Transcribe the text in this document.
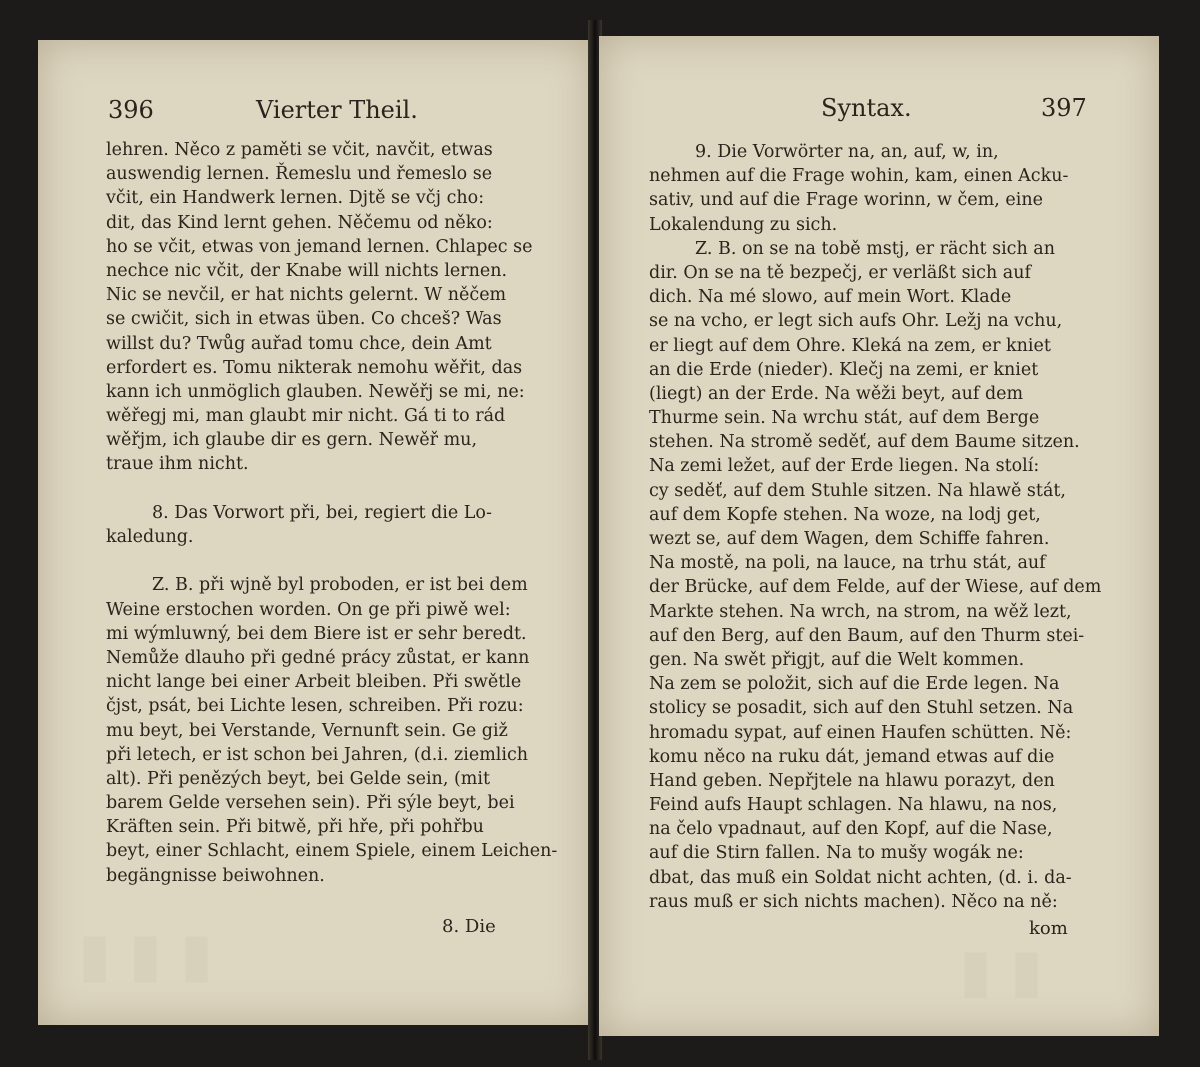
396	Vierter Theil.
lehren. Něco z paměti se včit, navčit, etwas
auswendig lernen. Řemeslu und řemeslo se
včit, ein Handwerk lernen. Djtě se včj cho:
dit, das Kind lernt gehen. Něčemu od něko:
ho se včit, etwas von jemand lernen. Chlapec se
nechce nic včit, der Knabe will nichts lernen.
Nic se nevčil, er hat nichts gelernt. W něčem
se cwičit, sich in etwas üben. Co chceš? Was
willst du? Twůg auřad tomu chce, dein Amt
erfordert es. Tomu nikterak nemohu wěřit, das
kann ich unmöglich glauben. Newěřj se mi, ne:
wěřegj mi, man glaubt mir nicht. Gá ti to rád
wěřjm, ich glaube dir es gern. Newěř mu,
traue ihm nicht.
8. Das Vorwort při, bei, regiert die Lo-
kaledung.
Z. B. při wjně byl proboden, er ist bei dem
Weine erstochen worden. On ge při piwě wel:
mi wýmluwný, bei dem Biere ist er sehr beredt.
Nemůže dlauho při gedné prácy zůstat, er kann
nicht lange bei einer Arbeit bleiben. Při swětle
čjst, psát, bei Lichte lesen, schreiben. Při rozu:
mu beyt, bei Verstande, Vernunft sein. Ge giž
při letech, er ist schon bei Jahren, (d.i. ziemlich
alt). Při penězých beyt, bei Gelde sein, (mit
barem Gelde versehen sein). Při sýle beyt, bei
Kräften sein. Při bitwě, při hře, při pohřbu
beyt, einer Schlacht, einem Spiele, einem Leichen-
begängnisse beiwohnen.
8. Die
▮▮▮
Syntax.	397
9. Die Vorwörter na, an, auf, w, in,
nehmen auf die Frage wohin, kam, einen Acku-
sativ, und auf die Frage worinn, w čem, eine
Lokalendung zu sich.
Z. B. on se na tobě mstj, er rächt sich an
dir. On se na tě bezpečj, er verläßt sich auf
dich. Na mé slowo, auf mein Wort. Klade
se na vcho, er legt sich aufs Ohr. Ležj na vchu,
er liegt auf dem Ohre. Kleká na zem, er kniet
an die Erde (nieder). Klečj na zemi, er kniet
(liegt) an der Erde. Na wěži beyt, auf dem
Thurme sein. Na wrchu stát, auf dem Berge
stehen. Na stromě seděť, auf dem Baume sitzen.
Na zemi ležet, auf der Erde liegen. Na stolí:
cy seděť, auf dem Stuhle sitzen. Na hlawě stát,
auf dem Kopfe stehen. Na woze, na lodj get,
wezt se, auf dem Wagen, dem Schiffe fahren.
Na mostě, na poli, na lauce, na trhu stát, auf
der Brücke, auf dem Felde, auf der Wiese, auf dem
Markte stehen. Na wrch, na strom, na wěž lezt,
auf den Berg, auf den Baum, auf den Thurm stei-
gen. Na swět přigjt, auf die Welt kommen.
Na zem se položit, sich auf die Erde legen. Na
stolicy se posadit, sich auf den Stuhl setzen. Na
hromadu sypat, auf einen Haufen schütten. Ně:
komu něco na ruku dát, jemand etwas auf die
Hand geben. Nepřjtele na hlawu porazyt, den
Feind aufs Haupt schlagen. Na hlawu, na nos,
na čelo vpadnaut, auf den Kopf, auf die Nase,
auf die Stirn fallen. Na to mušy wogák ne:
dbat, das muß ein Soldat nicht achten, (d. i. da-
raus muß er sich nichts machen). Něco na ně:
kom
▮▮
